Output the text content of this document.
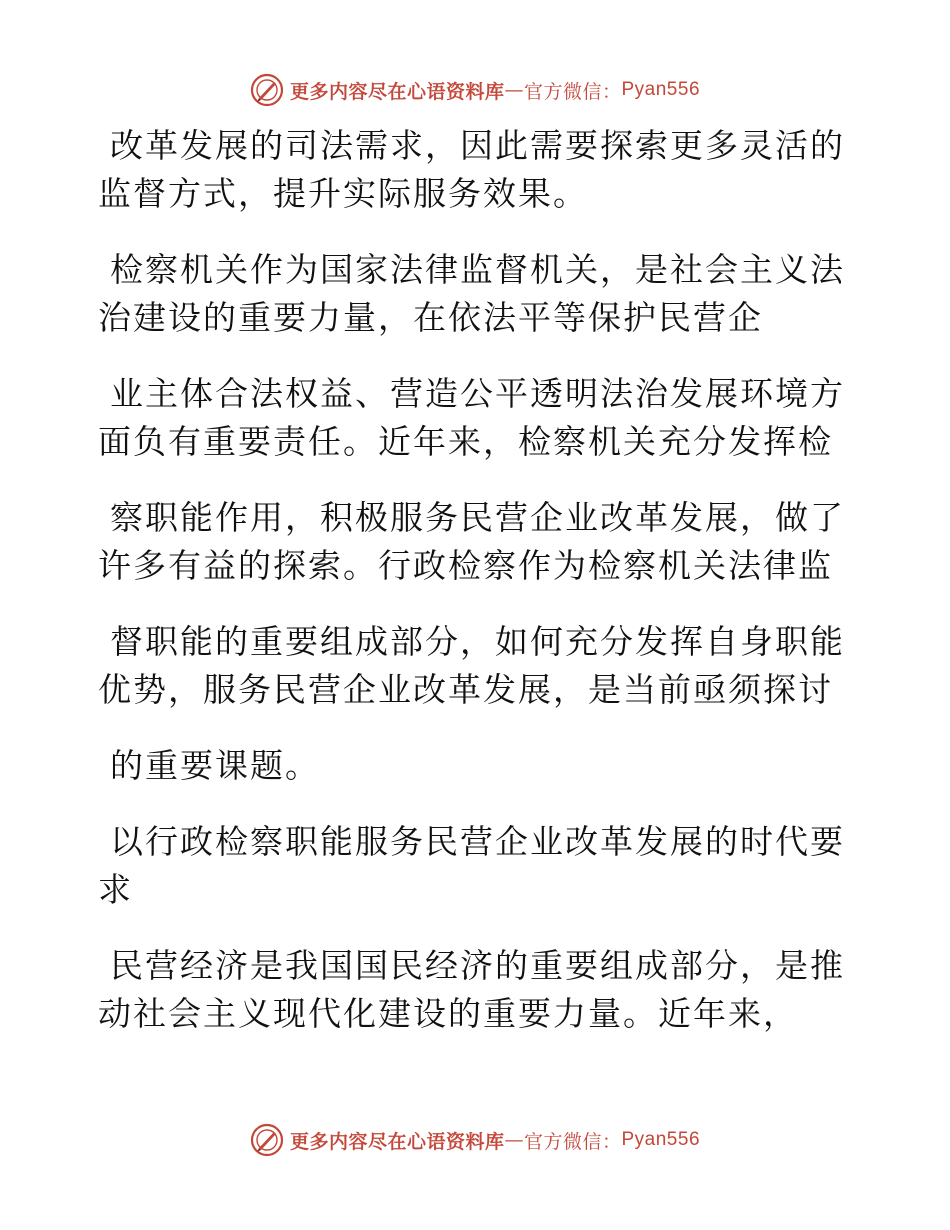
更多内容尽在心语资料库 — 官方微信： Pyan556
改革发展的司法需求，因此需要探索更多灵活的
监督方式，提升实际服务效果。
检察机关作为国家法律监督机关，是社会主义法
治建设的重要力量，在依法平等保护民营企
业主体合法权益、营造公平透明法治发展环境方
面负有重要责任。近年来，检察机关充分发挥检
察职能作用，积极服务民营企业改革发展，做了
许多有益的探索。行政检察作为检察机关法律监
督职能的重要组成部分，如何充分发挥自身职能
优势，服务民营企业改革发展，是当前亟须探讨
的重要课题。
以行政检察职能服务民营企业改革发展的时代要
求
民营经济是我国国民经济的重要组成部分，是推
动社会主义现代化建设的重要力量。近年来，
更多内容尽在心语资料库 — 官方微信： Pyan556
